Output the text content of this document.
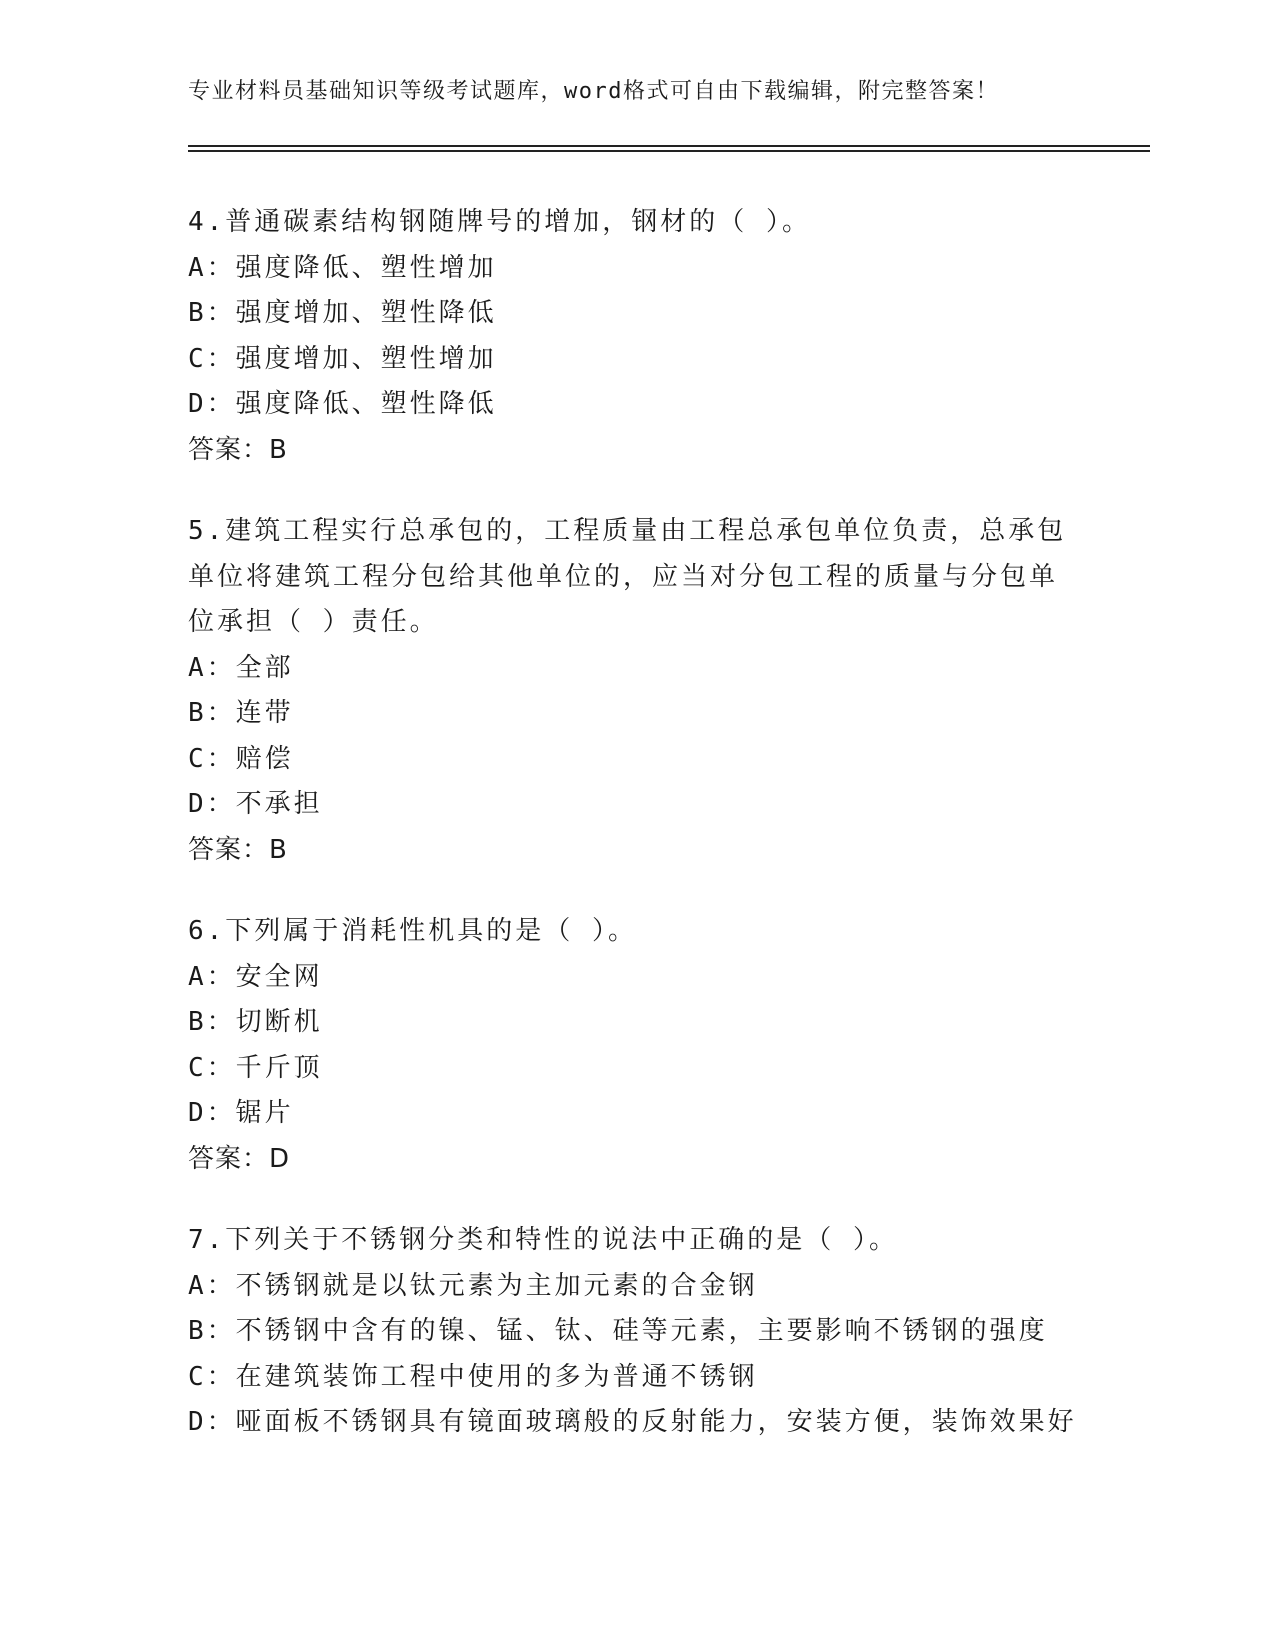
专业材料员基础知识等级考试题库，word格式可自由下载编辑，附完整答案！
4.普通碳素结构钢随牌号的增加，钢材的（ ）。
A：强度降低、塑性增加
B：强度增加、塑性降低
C：强度增加、塑性增加
D：强度降低、塑性降低
答案：B
5.建筑工程实行总承包的，工程质量由工程总承包单位负责，总承包
单位将建筑工程分包给其他单位的，应当对分包工程的质量与分包单
位承担（ ）责任。
A：全部
B：连带
C：赔偿
D：不承担
答案：B
6.下列属于消耗性机具的是（ ）。
A：安全网
B：切断机
C：千斤顶
D：锯片
答案：D
7.下列关于不锈钢分类和特性的说法中正确的是（ ）。
A：不锈钢就是以钛元素为主加元素的合金钢
B：不锈钢中含有的镍、锰、钛、硅等元素，主要影响不锈钢的强度
C：在建筑装饰工程中使用的多为普通不锈钢
D：哑面板不锈钢具有镜面玻璃般的反射能力，安装方便，装饰效果好
